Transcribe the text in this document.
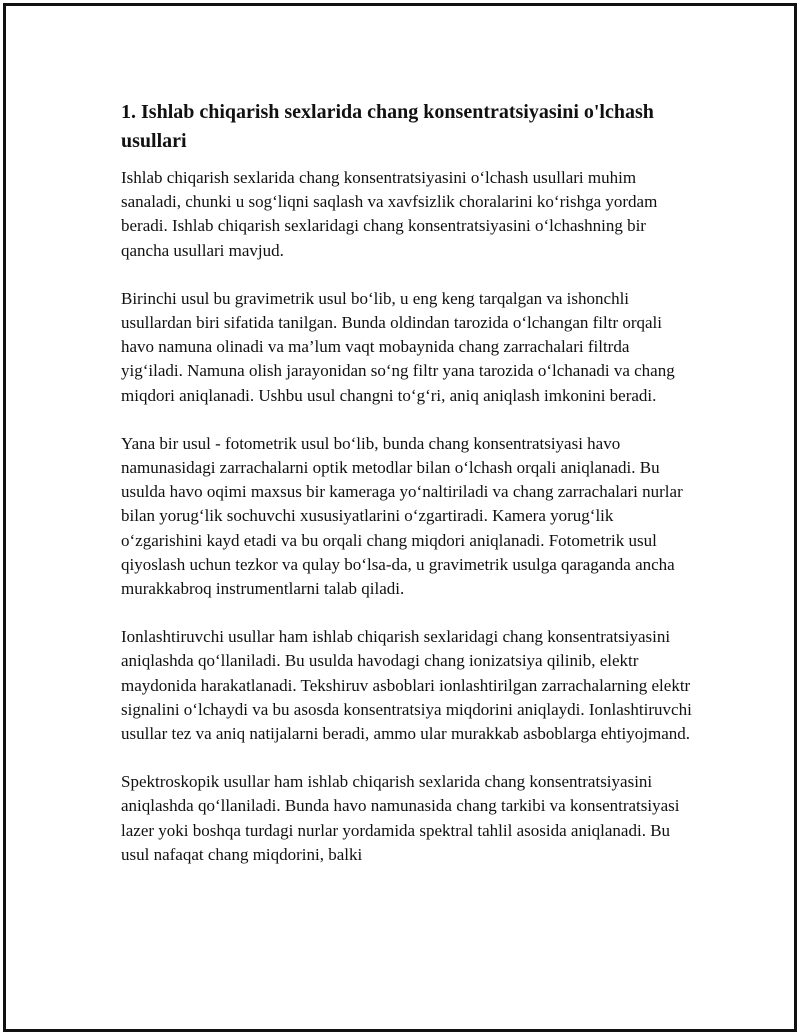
1. Ishlab chiqarish sexlarida chang konsentratsiyasini o'lchash usullari

Ishlab chiqarish sexlarida chang konsentratsiyasini o‘lchash usullari muhim sanaladi, chunki u sog‘liqni saqlash va xavfsizlik choralarini ko‘rishga yordam beradi. Ishlab chiqarish sexlaridagi chang konsentratsiyasini o‘lchashning bir qancha usullari mavjud.

Birinchi usul bu gravimetrik usul bo‘lib, u eng keng tarqalgan va ishonchli usullardan biri sifatida tanilgan. Bunda oldindan tarozida o‘lchangan filtr orqali havo namuna olinadi va ma’lum vaqt mobaynida chang zarrachalari filtrda yig‘iladi. Namuna olish jarayonidan so‘ng filtr yana tarozida o‘lchanadi va chang miqdori aniqlanadi. Ushbu usul changni to‘g‘ri, aniq aniqlash imkonini beradi.

Yana bir usul - fotometrik usul bo‘lib, bunda chang konsentratsiyasi havo namunasidagi zarrachalarni optik metodlar bilan o‘lchash orqali aniqlanadi. Bu usulda havo oqimi maxsus bir kameraga yo‘naltiriladi va chang zarrachalari nurlar bilan yorug‘lik sochuvchi xususiyatlarini o‘zgartiradi. Kamera yorug‘lik o‘zgarishini kayd etadi va bu orqali chang miqdori aniqlanadi. Fotometrik usul qiyoslash uchun tezkor va qulay bo‘lsa-da, u gravimetrik usulga qaraganda ancha murakkabroq instrumentlarni talab qiladi.

Ionlashtiruvchi usullar ham ishlab chiqarish sexlaridagi chang konsentratsiyasini aniqlashda qo‘llaniladi. Bu usulda havodagi chang ionizatsiya qilinib, elektr maydonida harakatlanadi. Tekshiruv asboblari ionlashtirilgan zarrachalarning elektr signalini o‘lchaydi va bu asosda konsentratsiya miqdorini aniqlaydi. Ionlashtiruvchi usullar tez va aniq natijalarni beradi, ammo ular murakkab asboblarga ehtiyojmand.

Spektroskopik usullar ham ishlab chiqarish sexlarida chang konsentratsiyasini aniqlashda qo‘llaniladi. Bunda havo namunasida chang tarkibi va konsentratsiyasi lazer yoki boshqa turdagi nurlar yordamida spektral tahlil asosida aniqlanadi. Bu usul nafaqat chang miqdorini, balki
